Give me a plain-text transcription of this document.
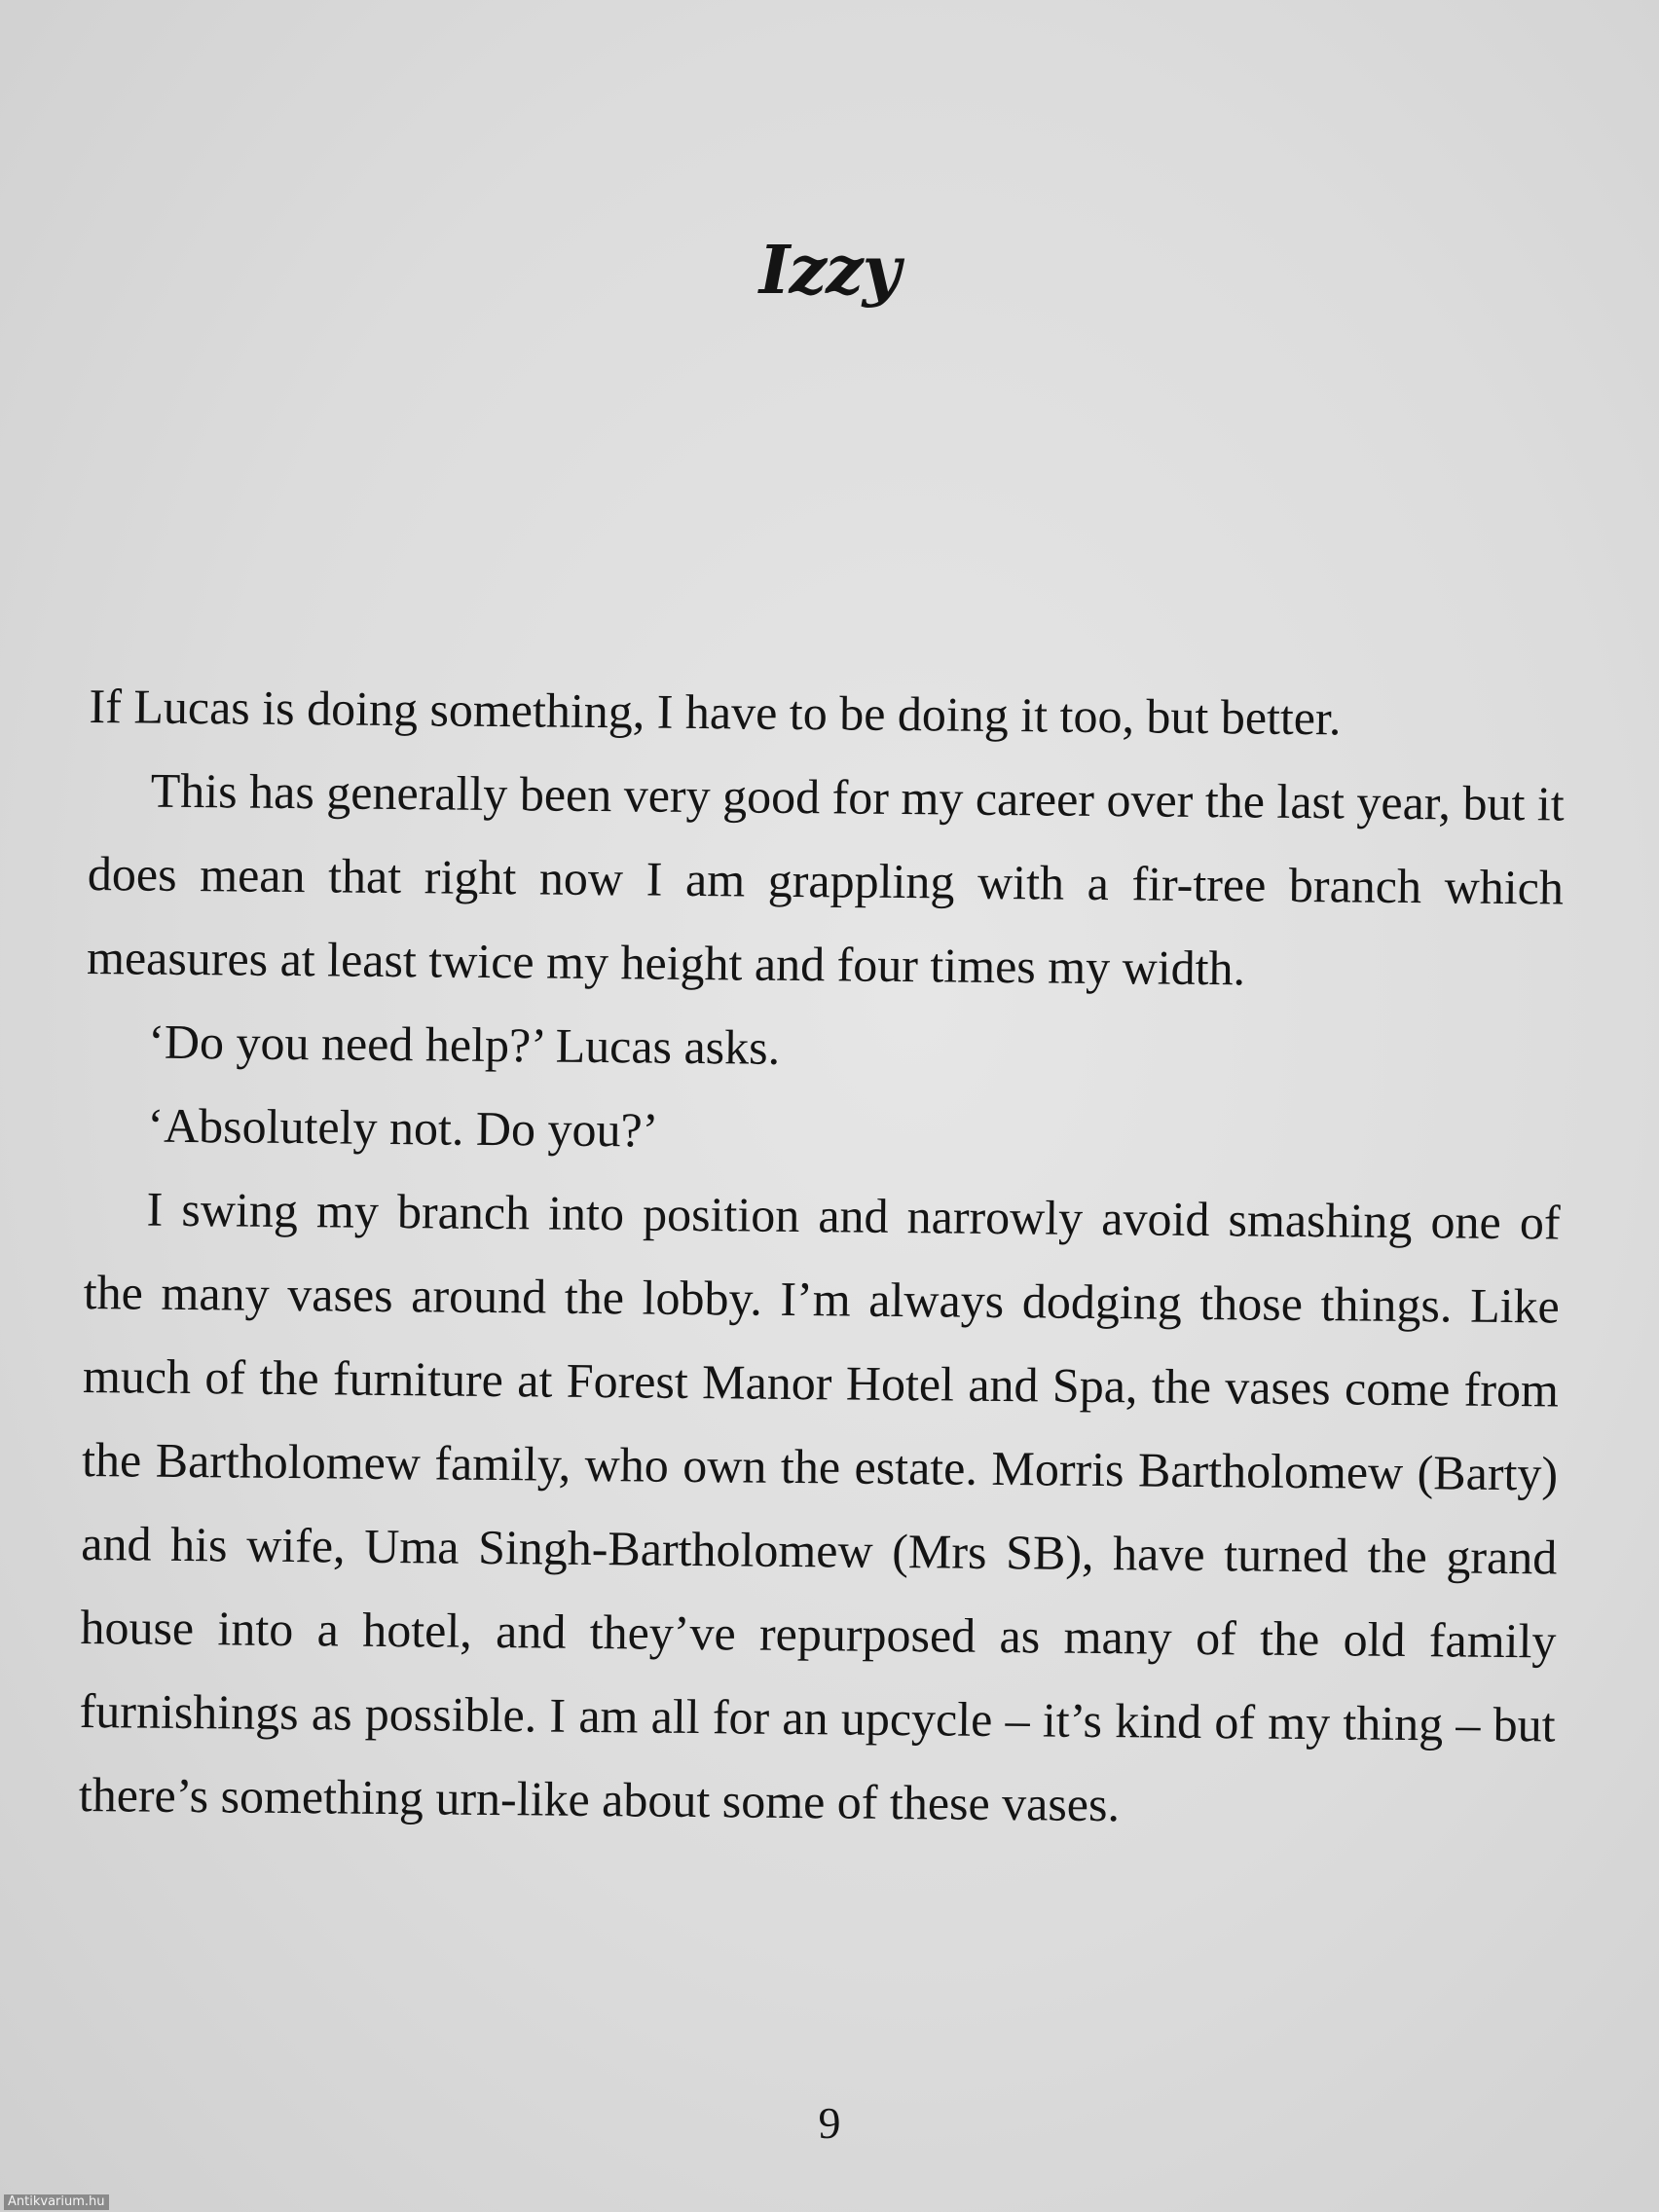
Izzy

If Lucas is doing something, I have to be doing it too, but better.

This has generally been very good for my career over the last year, but it does mean that right now I am grappling with a fir-tree branch which measures at least twice my height and four times my width.

‘Do you need help?’ Lucas asks.

‘Absolutely not. Do you?’

I swing my branch into position and narrowly avoid smashing one of the many vases around the lobby. I’m always dodging those things. Like much of the furniture at Forest Manor Hotel and Spa, the vases come from the Bartholomew family, who own the estate. Morris Bartholomew (Barty) and his wife, Uma Singh-Bartholomew (Mrs SB), have turned the grand house into a hotel, and they’ve repurposed as many of the old family furnishings as possible. I am all for an upcycle – it’s kind of my thing – but there’s something urn-like about some of these vases.

9
Antikvarium.hu
